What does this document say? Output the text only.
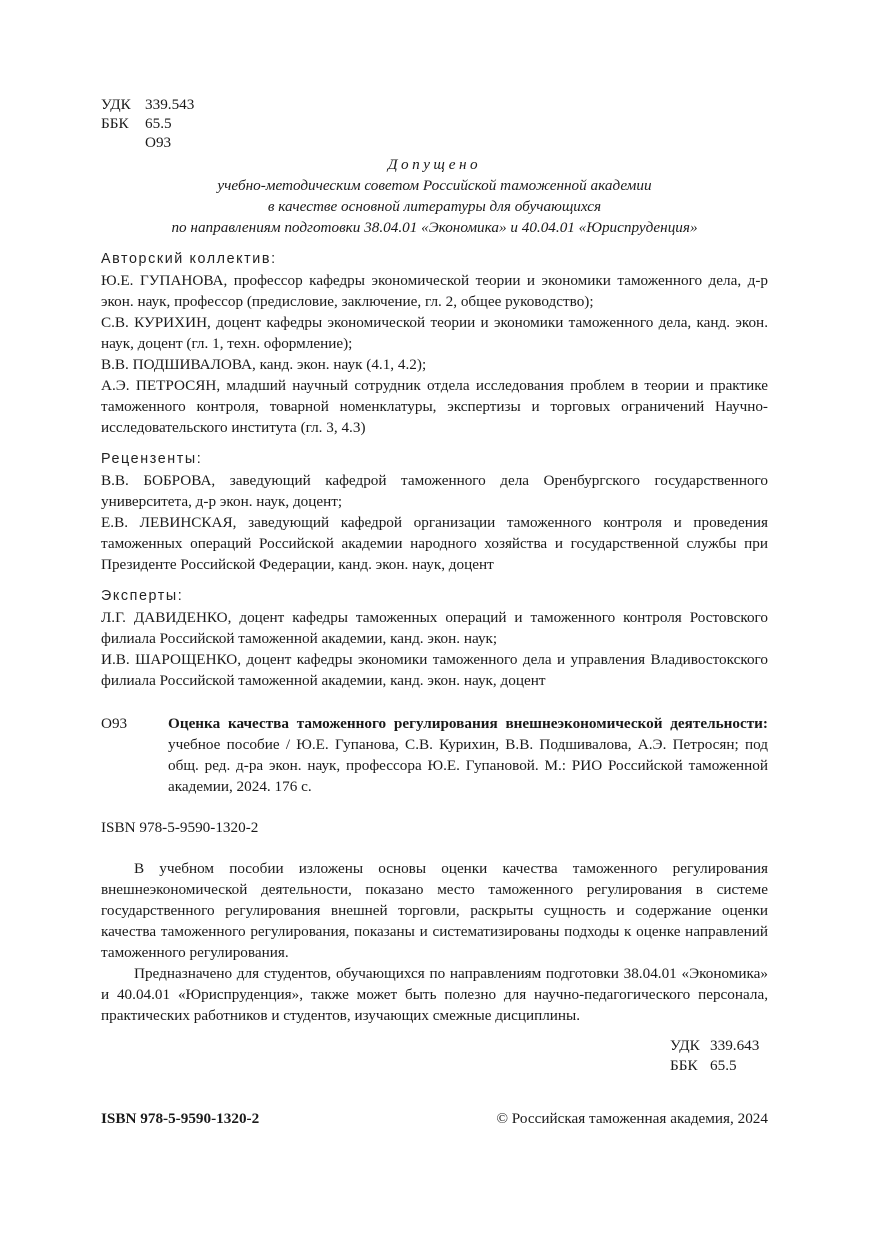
УДК 339.543
ББК	65.5
О93
Допущено
учебно-методическим советом Российской таможенной академии
в качестве основной литературы для обучающихся
по направлениям подготовки 38.04.01 «Экономика» и 40.04.01 «Юриспруденция»
Авторский коллектив:
Ю.Е. ГУПАНОВА, профессор кафедры экономической теории и экономики таможенного дела, д-р экон. наук, профессор (предисловие, заключение, гл. 2, общее руководство);
С.В. КУРИХИН, доцент кафедры экономической теории и экономики таможенного дела, канд. экон. наук, доцент (гл. 1, техн. оформление);
В.В. ПОДШИВАЛОВА, канд. экон. наук (4.1, 4.2);
А.Э. ПЕТРОСЯН, младший научный сотрудник отдела исследования проблем в теории и практике таможенного контроля, товарной номенклатуры, экспертизы и торговых ограничений Научно-исследовательского института (гл. 3, 4.3)
Рецензенты:
В.В. БОБРОВА, заведующий кафедрой таможенного дела Оренбургского государственного университета, д-р экон. наук, доцент;
Е.В. ЛЕВИНСКАЯ, заведующий кафедрой организации таможенного контроля и проведения таможенных операций Российской академии народного хозяйства и государственной службы при Президенте Российской Федерации, канд. экон. наук, доцент
Эксперты:
Л.Г. ДАВИДЕНКО, доцент кафедры таможенных операций и таможенного контроля Ростовского филиала Российской таможенной академии, канд. экон. наук;
И.В. ШАРОЩЕНКО, доцент кафедры экономики таможенного дела и управления Владивостокского филиала Российской таможенной академии, канд. экон. наук, доцент
О93	Оценка качества таможенного регулирования внешнеэкономической деятельности: учебное пособие / Ю.Е. Гупанова, С.В. Курихин, В.В. Подшивалова, А.Э. Петросян; под общ. ред. д-ра экон. наук, профессора Ю.Е. Гупановой. М.: РИО Российской таможенной академии, 2024. 176 с.
ISBN 978-5-9590-1320-2
В учебном пособии изложены основы оценки качества таможенного регулирования внешнеэкономической деятельности, показано место таможенного регулирования в системе государственного регулирования внешней торговли, раскрыты сущность и содержание оценки качества таможенного регулирования, показаны и систематизированы подходы к оценке направлений таможенного регулирования.
Предназначено для студентов, обучающихся по направлениям подготовки 38.04.01 «Экономика» и 40.04.01 «Юриспруденция», также может быть полезно для научно-педагогического персонала, практических работников и студентов, изучающих смежные дисциплины.
УДК 339.643
ББК 65.5
ISBN 978-5-9590-1320-2	© Российская таможенная академия, 2024
